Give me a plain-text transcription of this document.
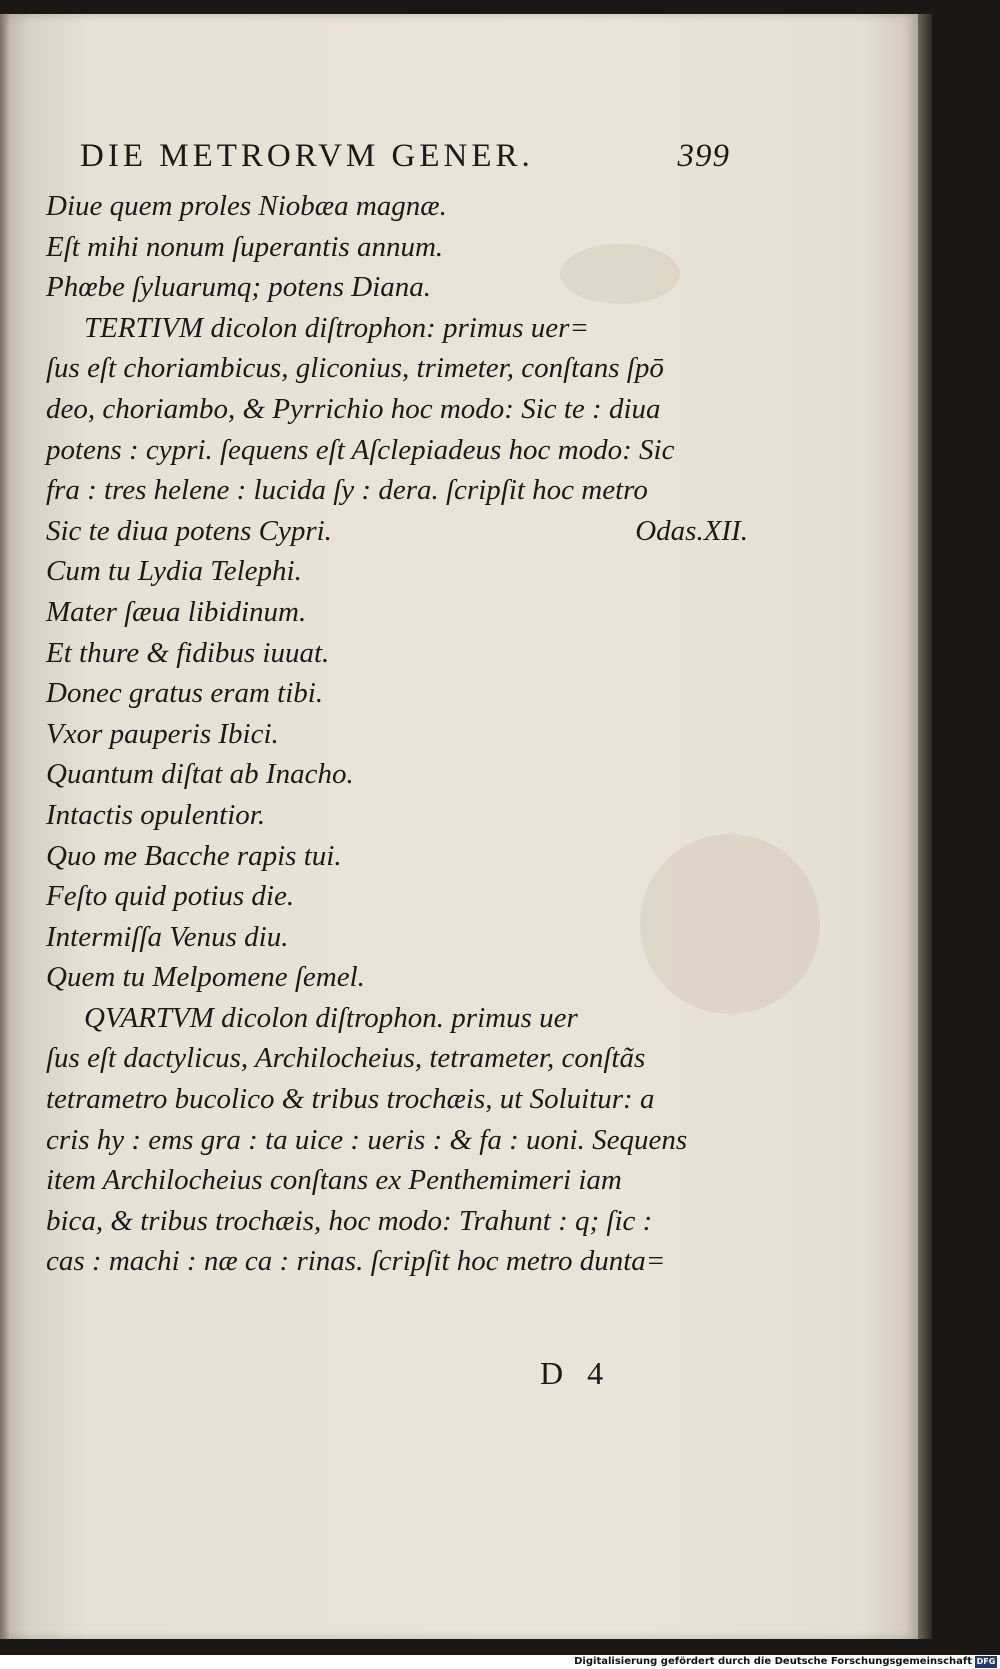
DIE METRORVM GENER.	399
Diue quem proles Niobæa magnæ.
Eſt mihi nonum ſuperantis annum.
Phœbe ſyluarumq; potens Diana.
TERTIVM dicolon diſtrophon: primus uer=
ſus eſt choriambicus, gliconius, trimeter, conſtans ſpō
deo, choriambo, & Pyrrichio hoc modo: Sic te : diua
potens : cypri. ſequens eſt Aſclepiadeus hoc modo: Sic
fra : tres helene : lucida ſy : dera. ſcripſit hoc metro
Sic te diua potens Cypri.	Odas.XII.
Cum tu Lydia Telephi.
Mater ſæua libidinum.
Et thure & fidibus iuuat.
Donec gratus eram tibi.
Vxor pauperis Ibici.
Quantum diſtat ab Inacho.
Intactis opulentior.
Quo me Bacche rapis tui.
Feſto quid potius die.
Intermiſſa Venus diu.
Quem tu Melpomene ſemel.
QVARTVM dicolon diſtrophon. primus uer
ſus eſt dactylicus, Archilocheius, tetrameter, conſtãs
tetrametro bucolico & tribus trochæis, ut Soluitur: a
cris hy : ems gra : ta uice : ueris : & fa : uoni. Sequens
item Archilocheius conſtans ex Penthemimeri iam
bica, & tribus trochæis, hoc modo: Trahunt : q; ſic :
cas : machi : næ ca : rinas. ſcripſit hoc metro dunta=
D 4
Digitalisierung gefördert durch die Deutsche Forschungsgemeinschaft DFG
